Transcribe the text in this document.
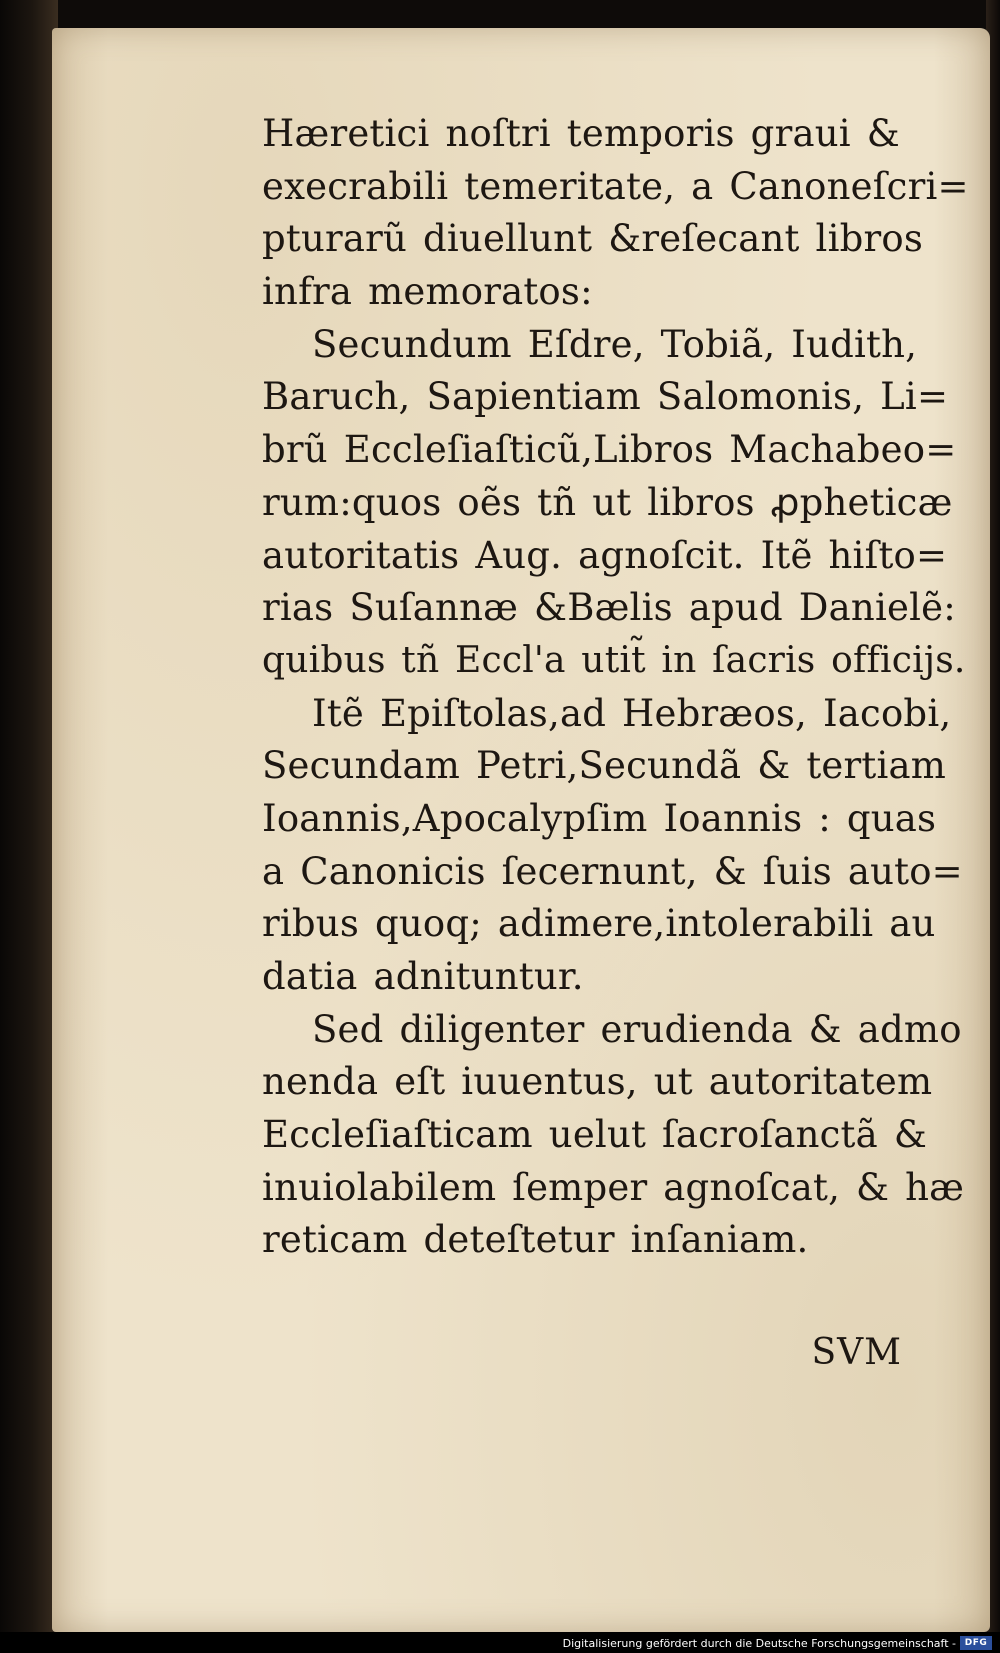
Hæretici noſtri temporis graui &
execrabili temeritate, a Canoneſcri=
pturarũ diuellunt &reſecant libros
infra memoratos:
Secundum Eſdre, Tobiã, Iudith,
Baruch, Sapientiam Salomonis, Li=
brũ Eccleſiaſticũ,Libros Machabeo=
rum:quos oẽs tñ ut libros ꝓpheticæ
autoritatis Aug. agnoſcit. Itẽ hiſto=
rias Suſannæ &Bælis apud Danielẽ:
quibus tñ Eccl'a utit̃ in ſacris officijs.
Itẽ Epiſtolas,ad Hebræos, Iacobi,
Secundam Petri,Secundã & tertiam
Ioannis,Apocalypſim Ioannis : quas
a Canonicis ſecernunt, & ſuis auto=
ribus quoq; adimere,intolerabili au
datia adnituntur.
Sed diligenter erudienda & admo
nenda eſt iuuentus, ut autoritatem
Eccleſiaſticam uelut ſacroſanctã &
inuiolabilem ſemper agnoſcat, & hæ
reticam deteſtetur inſaniam.
SVM
Digitalisierung gefördert durch die Deutsche Forschungsgemeinschaft - DFG
